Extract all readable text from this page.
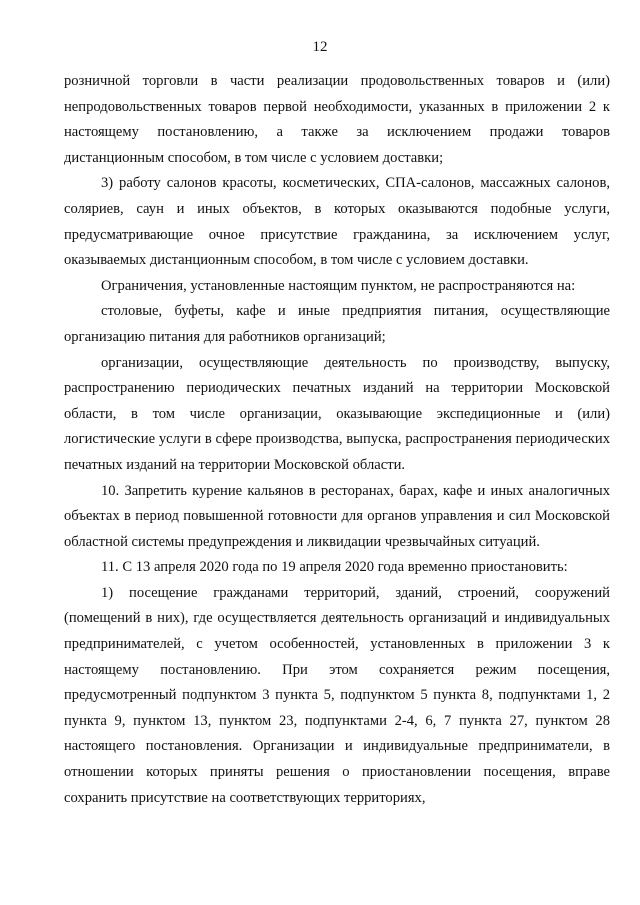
12

розничной торговли в части реализации продовольственных товаров и (или) непродовольственных товаров первой необходимости, указанных в приложении 2 к настоящему постановлению, а также за исключением продажи товаров дистанционным способом, в том числе с условием доставки;

3) работу салонов красоты, косметических, СПА-салонов, массажных салонов, соляриев, саун и иных объектов, в которых оказываются подобные услуги, предусматривающие очное присутствие гражданина, за исключением услуг, оказываемых дистанционным способом, в том числе с условием доставки.

Ограничения, установленные настоящим пунктом, не распространяются на:

столовые, буфеты, кафе и иные предприятия питания, осуществляющие организацию питания для работников организаций;

организации, осуществляющие деятельность по производству, выпуску, распространению периодических печатных изданий на территории Московской области, в том числе организации, оказывающие экспедиционные и (или) логистические услуги в сфере производства, выпуска, распространения периодических печатных изданий на территории Московской области.

10. Запретить курение кальянов в ресторанах, барах, кафе и иных аналогичных объектах в период повышенной готовности для органов управления и сил Московской областной системы предупреждения и ликвидации чрезвычайных ситуаций.

11. С 13 апреля 2020 года по 19 апреля 2020 года временно приостановить:

1) посещение гражданами территорий, зданий, строений, сооружений (помещений в них), где осуществляется деятельность организаций и индивидуальных предпринимателей, с учетом особенностей, установленных в приложении 3 к настоящему постановлению. При этом сохраняется режим посещения, предусмотренный подпунктом 3 пункта 5, подпунктом 5 пункта 8, подпунктами 1, 2 пункта 9, пунктом 13, пунктом 23, подпунктами 2-4, 6, 7 пункта 27, пунктом 28 настоящего постановления. Организации и индивидуальные предприниматели, в отношении которых приняты решения о приостановлении посещения, вправе сохранить присутствие на соответствующих территориях,
